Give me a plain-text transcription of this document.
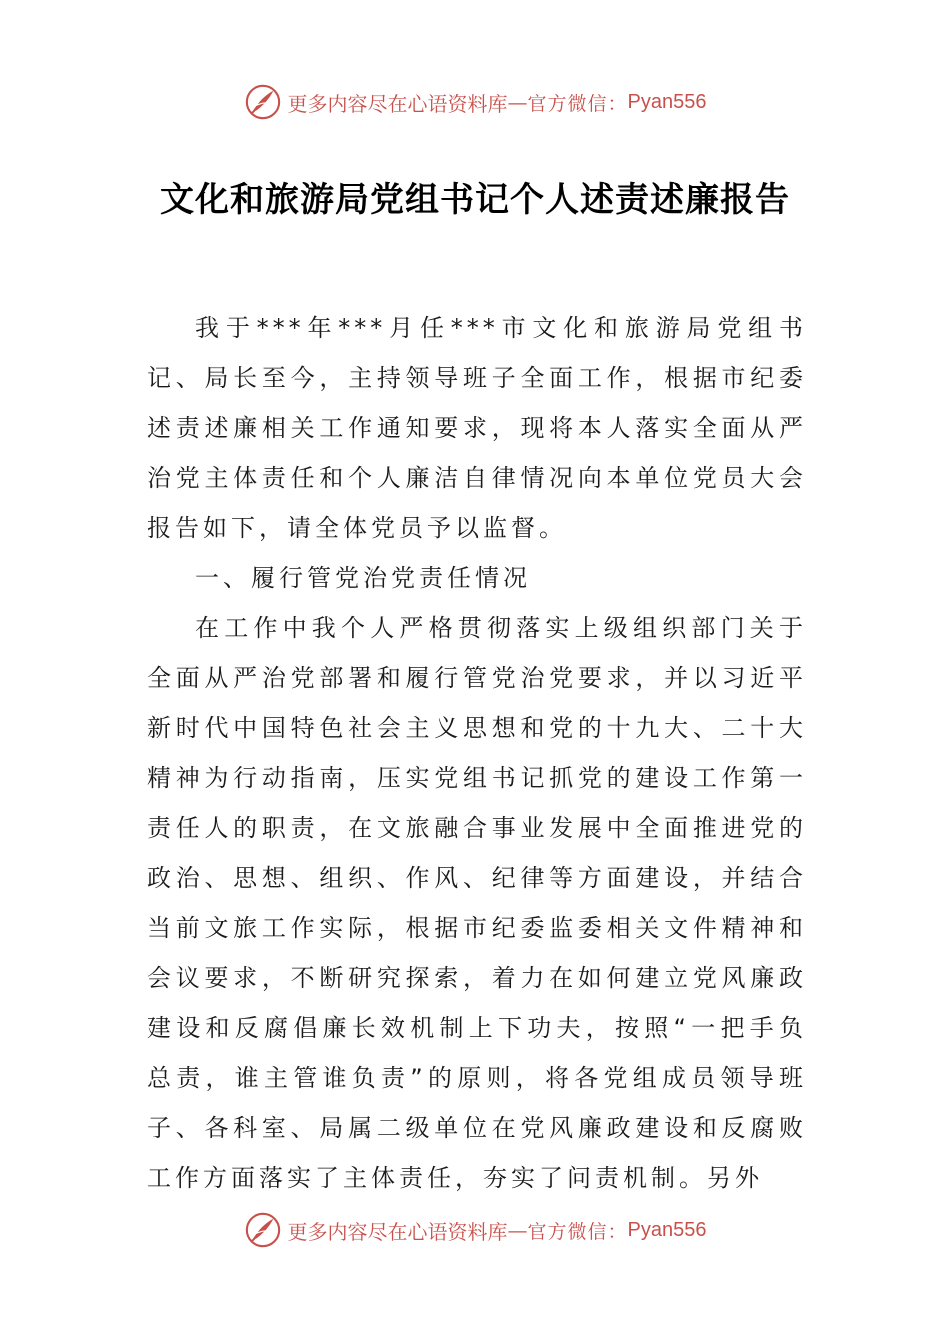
更多内容尽在心语资料库 — 官方微信： Pyan556
文化和旅游局党组书记个人述责述廉报告

我于***年***月任***市文化和旅游局党组书记、局长至今，主持领导班子全面工作，根据市纪委述责述廉相关工作通知要求，现将本人落实全面从严治党主体责任和个人廉洁自律情况向本单位党员大会报告如下，请全体党员予以监督。

一、履行管党治党责任情况

在工作中我个人严格贯彻落实上级组织部门关于全面从严治党部署和履行管党治党要求，并以习近平新时代中国特色社会主义思想和党的十九大、二十大精神为行动指南，压实党组书记抓党的建设工作第一责任人的职责，在文旅融合事业发展中全面推进党的政治、思想、组织、作风、纪律等方面建设，并结合当前文旅工作实际，根据市纪委监委相关文件精神和会议要求，不断研究探索，着力在如何建立党风廉政建设和反腐倡廉长效机制上下功夫，按照“一把手负总责，谁主管谁负责”的原则，将各党组成员领导班子、各科室、局属二级单位在党风廉政建设和反腐败工作方面落实了主体责任，夯实了问责机制。另外

更多内容尽在心语资料库 — 官方微信： Pyan556
